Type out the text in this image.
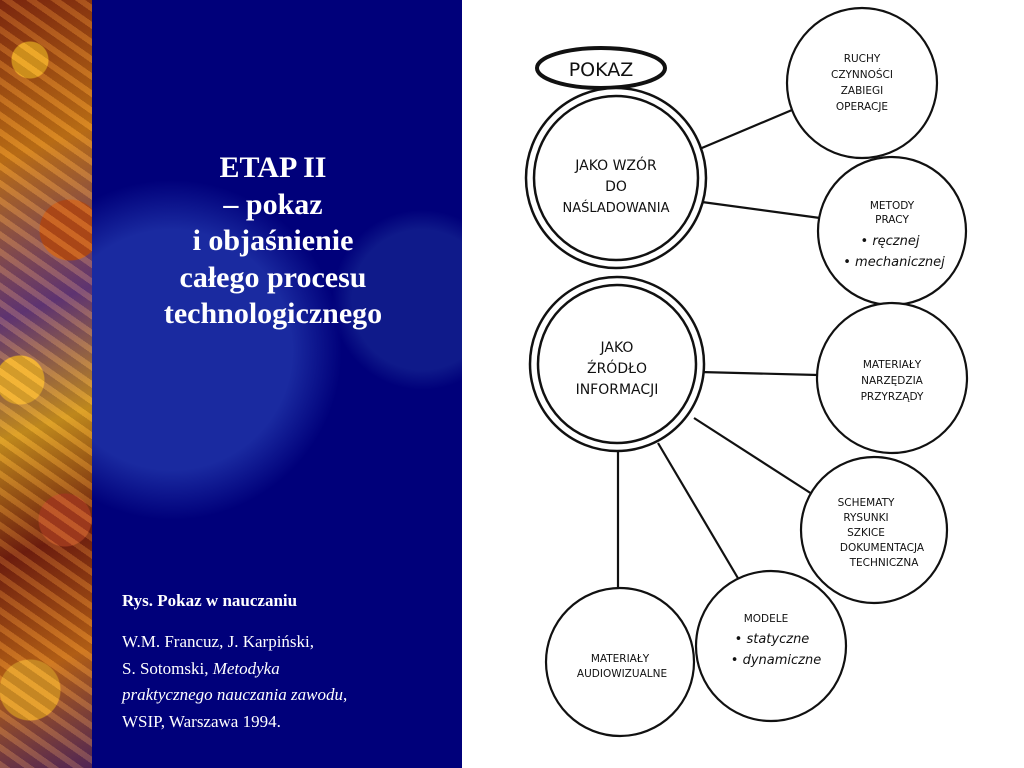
ETAP II
– pokaz
i objaśnienie
całego procesu
technologicznego
Rys. Pokaz w nauczaniu
W.M. Francuz, J. Karpiński,
S. Sotomski, Metodyka
praktycznego nauczania zawodu,
WSIP, Warszawa 1994.
POKAZ
JAKO WZÓR
DO
NAŚLADOWANIA
JAKO
ŹRÓDŁO
INFORMACJI
RUCHY
CZYNNOŚCI
ZABIEGI
OPERACJE
METODY
PRACY
• ręcznej
• mechanicznej
MATERIAŁY
NARZĘDZIA
PRZYRZĄDY
SCHEMATY
RYSUNKI
SZKICE
DOKUMENTACJA
TECHNICZNA
MODELE
• statyczne
• dynamiczne
MATERIAŁY
AUDIOWIZUALNE
